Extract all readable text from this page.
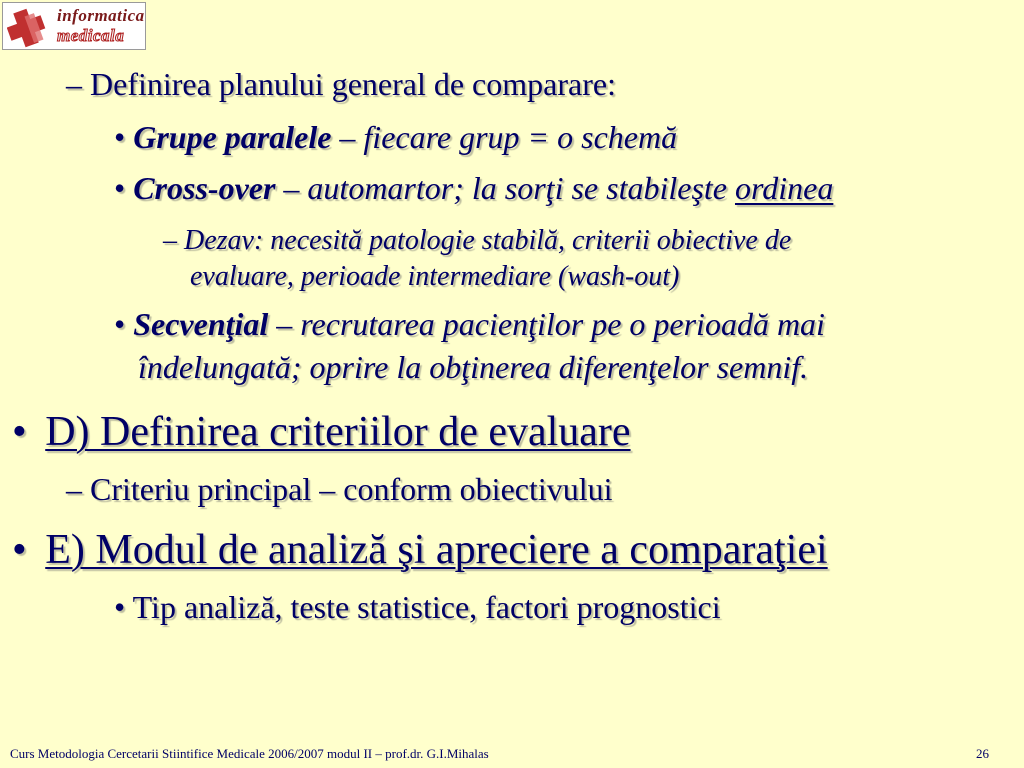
informatica
medicala
– Definirea planului general de comparare:
• Grupe paralele – fiecare grup = o schemă
• Cross-over – automartor; la sorţi se stabileşte ordinea
– Dezav: necesită patologie stabilă, criterii obiective de
evaluare, perioade intermediare (wash-out)
• Secvenţial – recrutarea pacienţilor pe o perioadă mai
îndelungată; oprire la obţinerea diferenţelor semnif.
• D) Definirea criteriilor de evaluare
– Criteriu principal – conform obiectivului
• E) Modul de analiză şi apreciere a comparaţiei
• Tip analiză, teste statistice, factori prognostici
Curs Metodologia Cercetarii Stiintifice Medicale 2006/2007 modul II – prof.dr. G.I.Mihalas	26
